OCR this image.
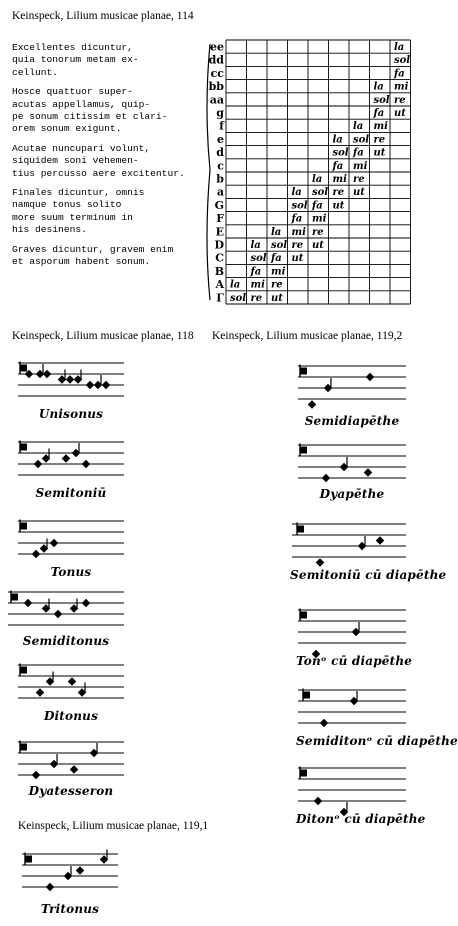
Keinspeck, Lilium musicae planae, 114

Excellentes dicuntur,
quia tonorum metam ex-
cellunt.

Hosce quattuor super-
acutas appellamus, quip-
pe sonum citissim et clari-
orem sonum exigunt.

Acutae nuncupari volunt,
siquidem soni vehemen-
tius percusso aere excitentur.

Finales dicuntur, omnis
namque tonus solito
more suum terminum in
his desinens.

Graves dicuntur, gravem enim
et asporum habent sonum.

ee
dd
cc
bb
aa
g
f
e
d
c
b
a
G
F
E
D
C
B
A
Γ
la
sol
fa
mi
re
ut
la
sol
fa
mi
re
ut
la
sol
fa
mi
re
ut
la
sol
fa
mi
re
ut
la
sol
fa
mi
re
ut
la
sol
fa
mi
re
ut
la
sol
fa
mi
re
ut
la
sol
fa
mi
re
la
sol
Keinspeck, Lilium musicae planae, 118 Keinspeck, Lilium musicae planae, 119,2
Unisonus
Semitoniū
Tonus
Semiditonus
Ditonus
Dyatesseron
Semidiapēthe
Dyapēthe
Semitoniū cū diapēthe
Tonᵒ cū diapēthe
Semiditonᵒ cū diapēthe
Ditonᵒ cū diapēthe
Keinspeck, Lilium musicae planae, 119,1
Tritonus
